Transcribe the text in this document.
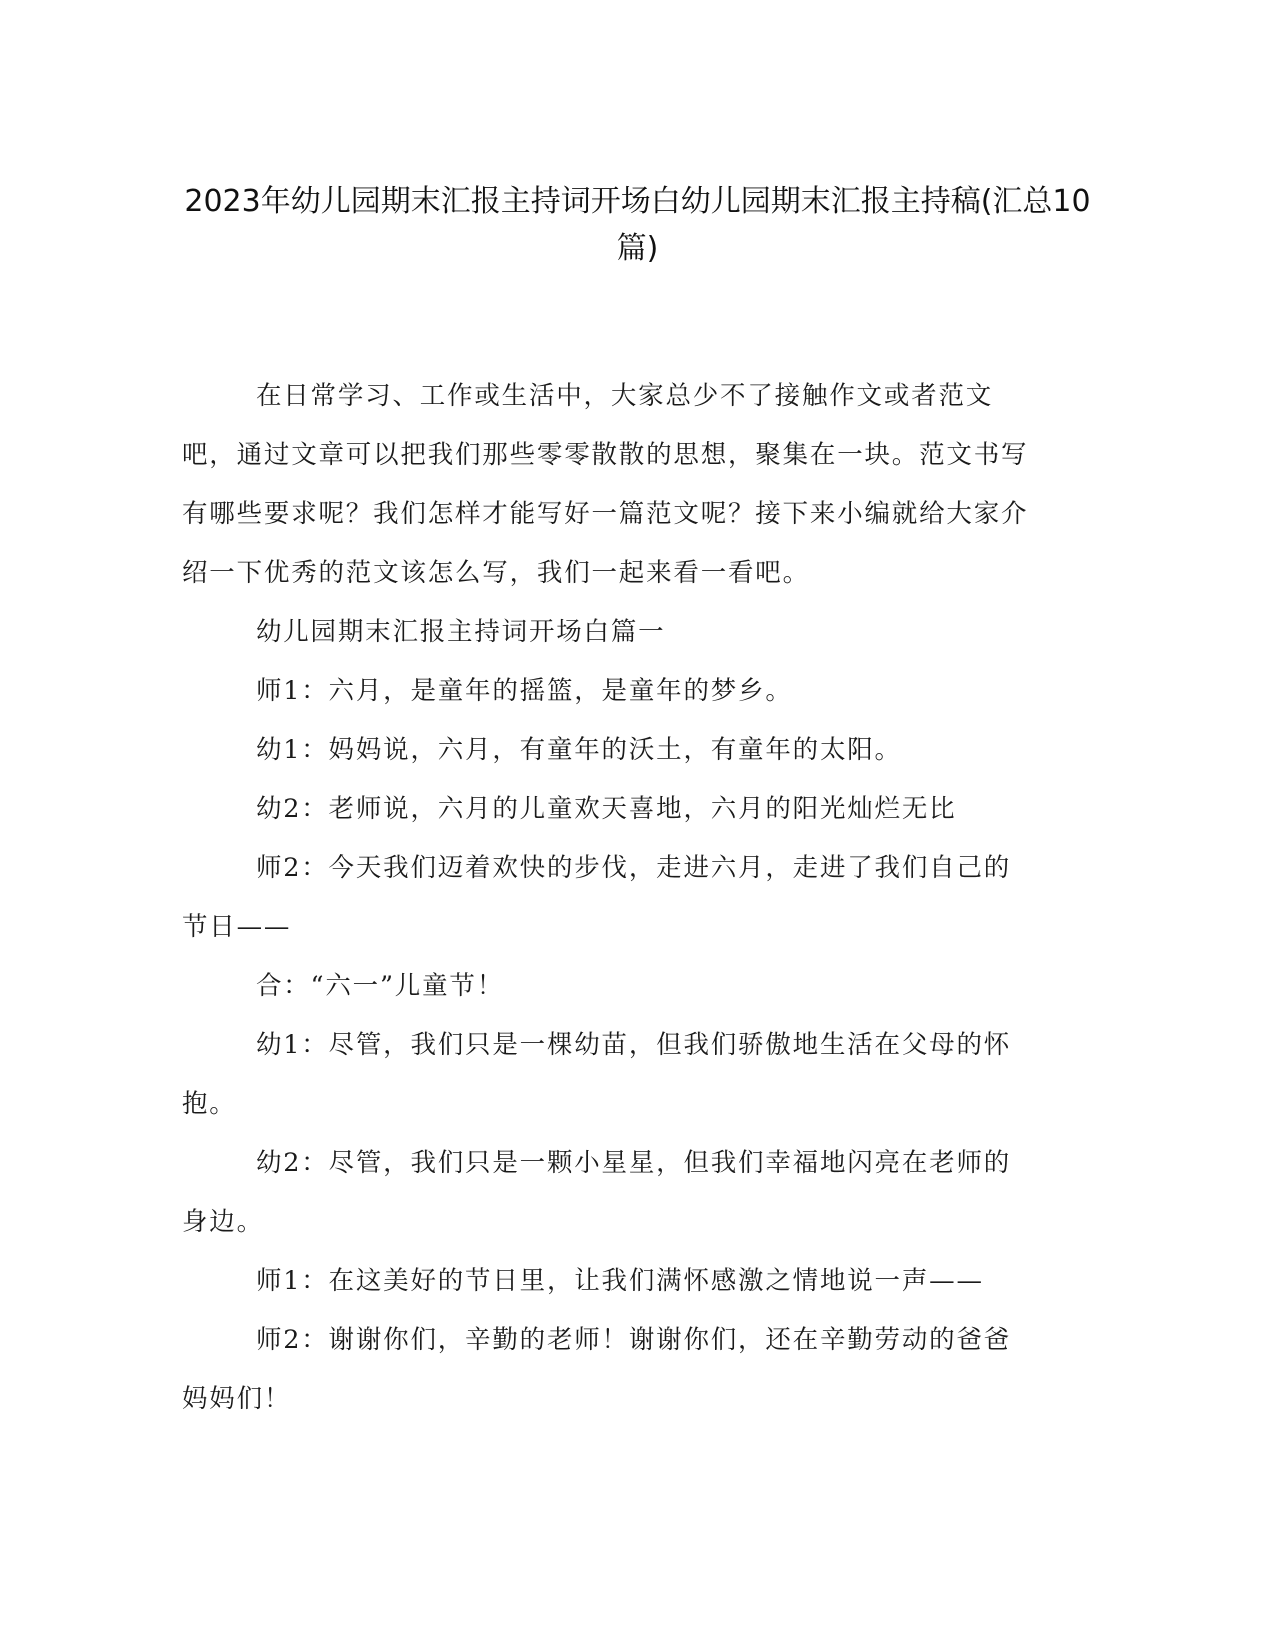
2023年幼儿园期末汇报主持词开场白幼儿园期末汇报主持稿(汇总10篇)

在日常学习、工作或生活中，大家总少不了接触作文或者范文吧，通过文章可以把我们那些零零散散的思想，聚集在一块。范文书写有哪些要求呢？我们怎样才能写好一篇范文呢？接下来小编就给大家介绍一下优秀的范文该怎么写，我们一起来看一看吧。

幼儿园期末汇报主持词开场白篇一

师1：六月，是童年的摇篮，是童年的梦乡。

幼1：妈妈说，六月，有童年的沃土，有童年的太阳。

幼2：老师说，六月的儿童欢天喜地，六月的阳光灿烂无比

师2：今天我们迈着欢快的步伐，走进六月，走进了我们自己的节日——

合：“六一”儿童节！

幼1：尽管，我们只是一棵幼苗，但我们骄傲地生活在父母的怀抱。

幼2：尽管，我们只是一颗小星星，但我们幸福地闪亮在老师的身边。

师1：在这美好的节日里，让我们满怀感激之情地说一声——

师2：谢谢你们，辛勤的老师！谢谢你们，还在辛勤劳动的爸爸妈妈们！
